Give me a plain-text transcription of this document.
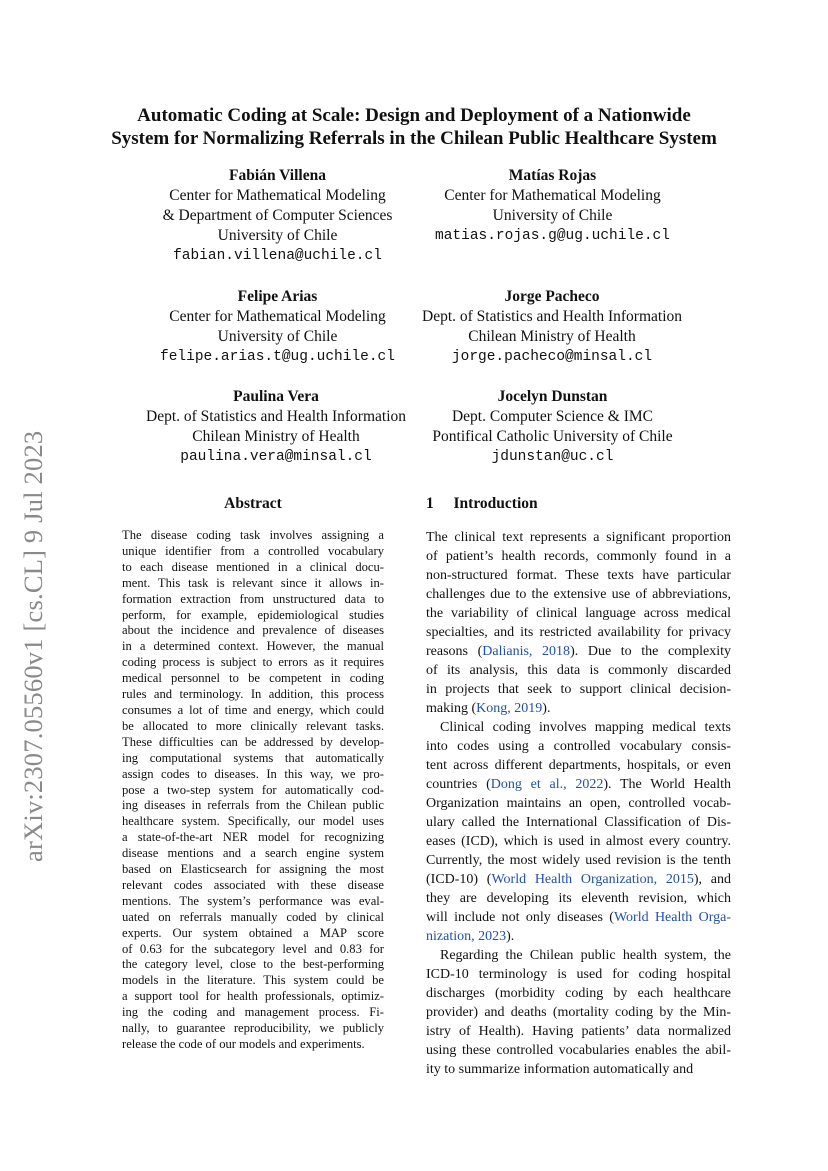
arXiv:2307.05560v1 [cs.CL] 9 Jul 2023
Automatic Coding at Scale: Design and Deployment of a Nationwide
System for Normalizing Referrals in the Chilean Public Healthcare System
Fabián Villena
Center for Mathematical Modeling
& Department of Computer Sciences
University of Chile
fabian.villena@uchile.cl
Matías Rojas
Center for Mathematical Modeling
University of Chile
matias.rojas.g@ug.uchile.cl
Felipe Arias
Center for Mathematical Modeling
University of Chile
felipe.arias.t@ug.uchile.cl
Jorge Pacheco
Dept. of Statistics and Health Information
Chilean Ministry of Health
jorge.pacheco@minsal.cl
Paulina Vera
Dept. of Statistics and Health Information
Chilean Ministry of Health
paulina.vera@minsal.cl
Jocelyn Dunstan
Dept. Computer Science & IMC
Pontifical Catholic University of Chile
jdunstan@uc.cl
Abstract
The disease coding task involves assigning a
unique identifier from a controlled vocabulary
to each disease mentioned in a clinical docu-
ment. This task is relevant since it allows in-
formation extraction from unstructured data to
perform, for example, epidemiological studies
about the incidence and prevalence of diseases
in a determined context. However, the manual
coding process is subject to errors as it requires
medical personnel to be competent in coding
rules and terminology. In addition, this process
consumes a lot of time and energy, which could
be allocated to more clinically relevant tasks.
These difficulties can be addressed by develop-
ing computational systems that automatically
assign codes to diseases. In this way, we pro-
pose a two-step system for automatically cod-
ing diseases in referrals from the Chilean public
healthcare system. Specifically, our model uses
a state-of-the-art NER model for recognizing
disease mentions and a search engine system
based on Elasticsearch for assigning the most
relevant codes associated with these disease
mentions. The system’s performance was eval-
uated on referrals manually coded by clinical
experts. Our system obtained a MAP score
of 0.63 for the subcategory level and 0.83 for
the category level, close to the best-performing
models in the literature. This system could be
a support tool for health professionals, optimiz-
ing the coding and management process. Fi-
nally, to guarantee reproducibility, we publicly
release the code of our models and experiments.
1 Introduction
The clinical text represents a significant proportion
of patient’s health records, commonly found in a
non-structured format. These texts have particular
challenges due to the extensive use of abbreviations,
the variability of clinical language across medical
specialties, and its restricted availability for privacy
reasons (Dalianis, 2018). Due to the complexity
of its analysis, this data is commonly discarded
in projects that seek to support clinical decision-
making (Kong, 2019).
Clinical coding involves mapping medical texts
into codes using a controlled vocabulary consis-
tent across different departments, hospitals, or even
countries (Dong et al., 2022). The World Health
Organization maintains an open, controlled vocab-
ulary called the International Classification of Dis-
eases (ICD), which is used in almost every country.
Currently, the most widely used revision is the tenth
(ICD-10) (World Health Organization, 2015), and
they are developing its eleventh revision, which
will include not only diseases (World Health Orga-
nization, 2023).
Regarding the Chilean public health system, the
ICD-10 terminology is used for coding hospital
discharges (morbidity coding by each healthcare
provider) and deaths (mortality coding by the Min-
istry of Health). Having patients’ data normalized
using these controlled vocabularies enables the abil-
ity to summarize information automatically and
